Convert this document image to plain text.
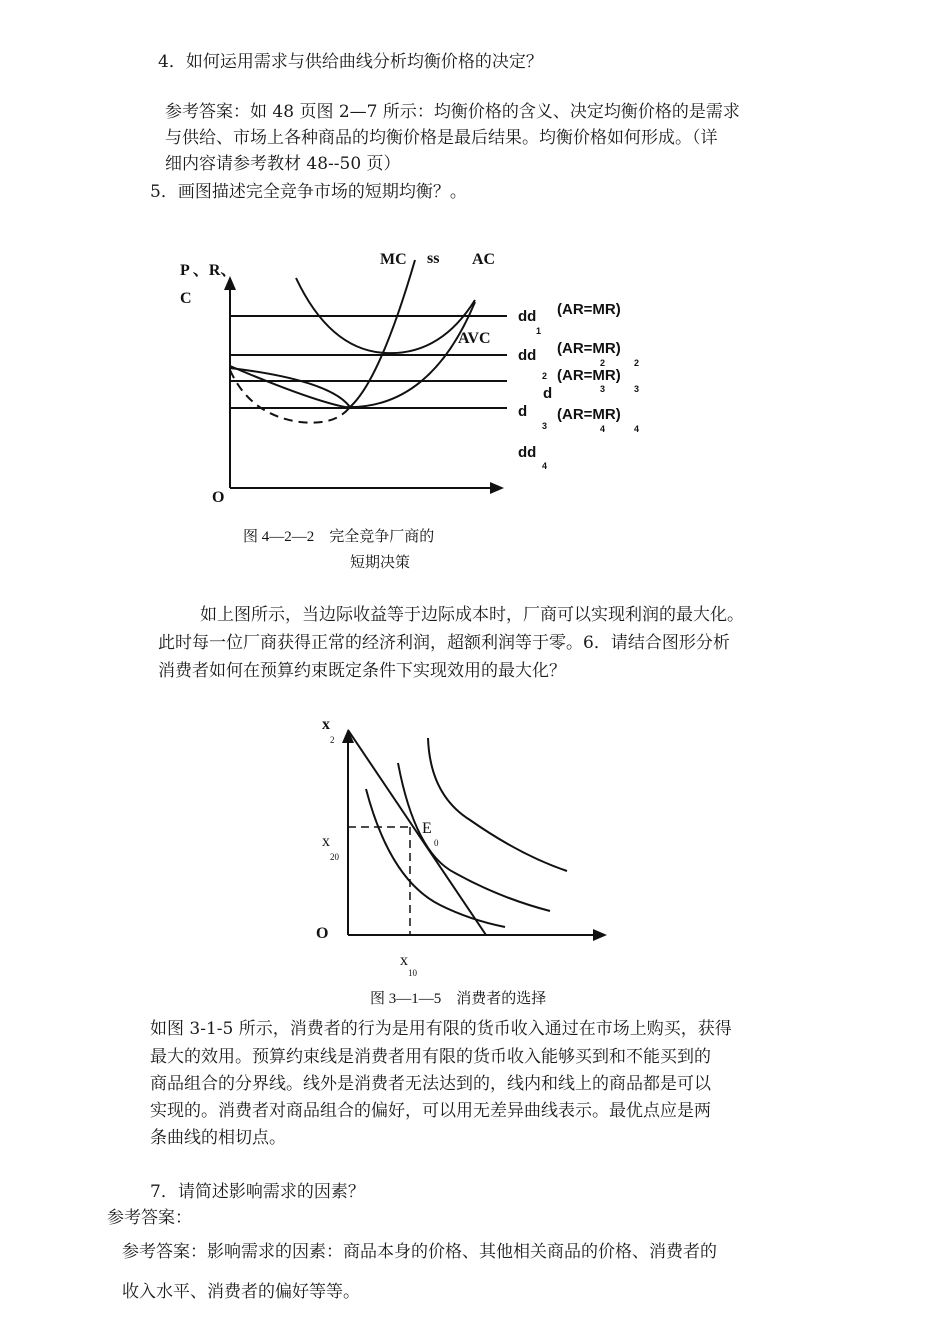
4．如何运用需求与供给曲线分析均衡价格的决定？

参考答案：如 48 页图 2—7 所示：均衡价格的含义、决定均衡价格的是需求

与供给、市场上各种商品的均衡价格是最后结果。均衡价格如何形成。（详

细内容请参考教材 48--50 页）

5．画图描述完全竞争市场的短期均衡？。

P 、R、
C
O
MC ss AC
AVC
dd
1
(AR=MR)
dd (AR=MR)
2	2
2 (AR=MR)
d	3	3
d (AR=MR)
3	4	4
dd
4
图 4—2—2　完全竞争厂商的
短期决策

如上图所示，当边际收益等于边际成本时，厂商可以实现利润的最大化。

此时每一位厂商获得正常的经济利润，超额利润等于零。6．请结合图形分析

消费者如何在预算约束既定条件下实现效用的最大化？

x
2
x
20
E
0
O
x
10
图 3—1—5　消费者的选择

如图 3-1-5 所示，消费者的行为是用有限的货币收入通过在市场上购买，获得

最大的效用。预算约束线是消费者用有限的货币收入能够买到和不能买到的

商品组合的分界线。线外是消费者无法达到的，线内和线上的商品都是可以

实现的。消费者对商品组合的偏好，可以用无差异曲线表示。最优点应是两

条曲线的相切点。

7．请简述影响需求的因素？

参考答案：

参考答案：影响需求的因素：商品本身的价格、其他相关商品的价格、消费者的

收入水平、消费者的偏好等等。
